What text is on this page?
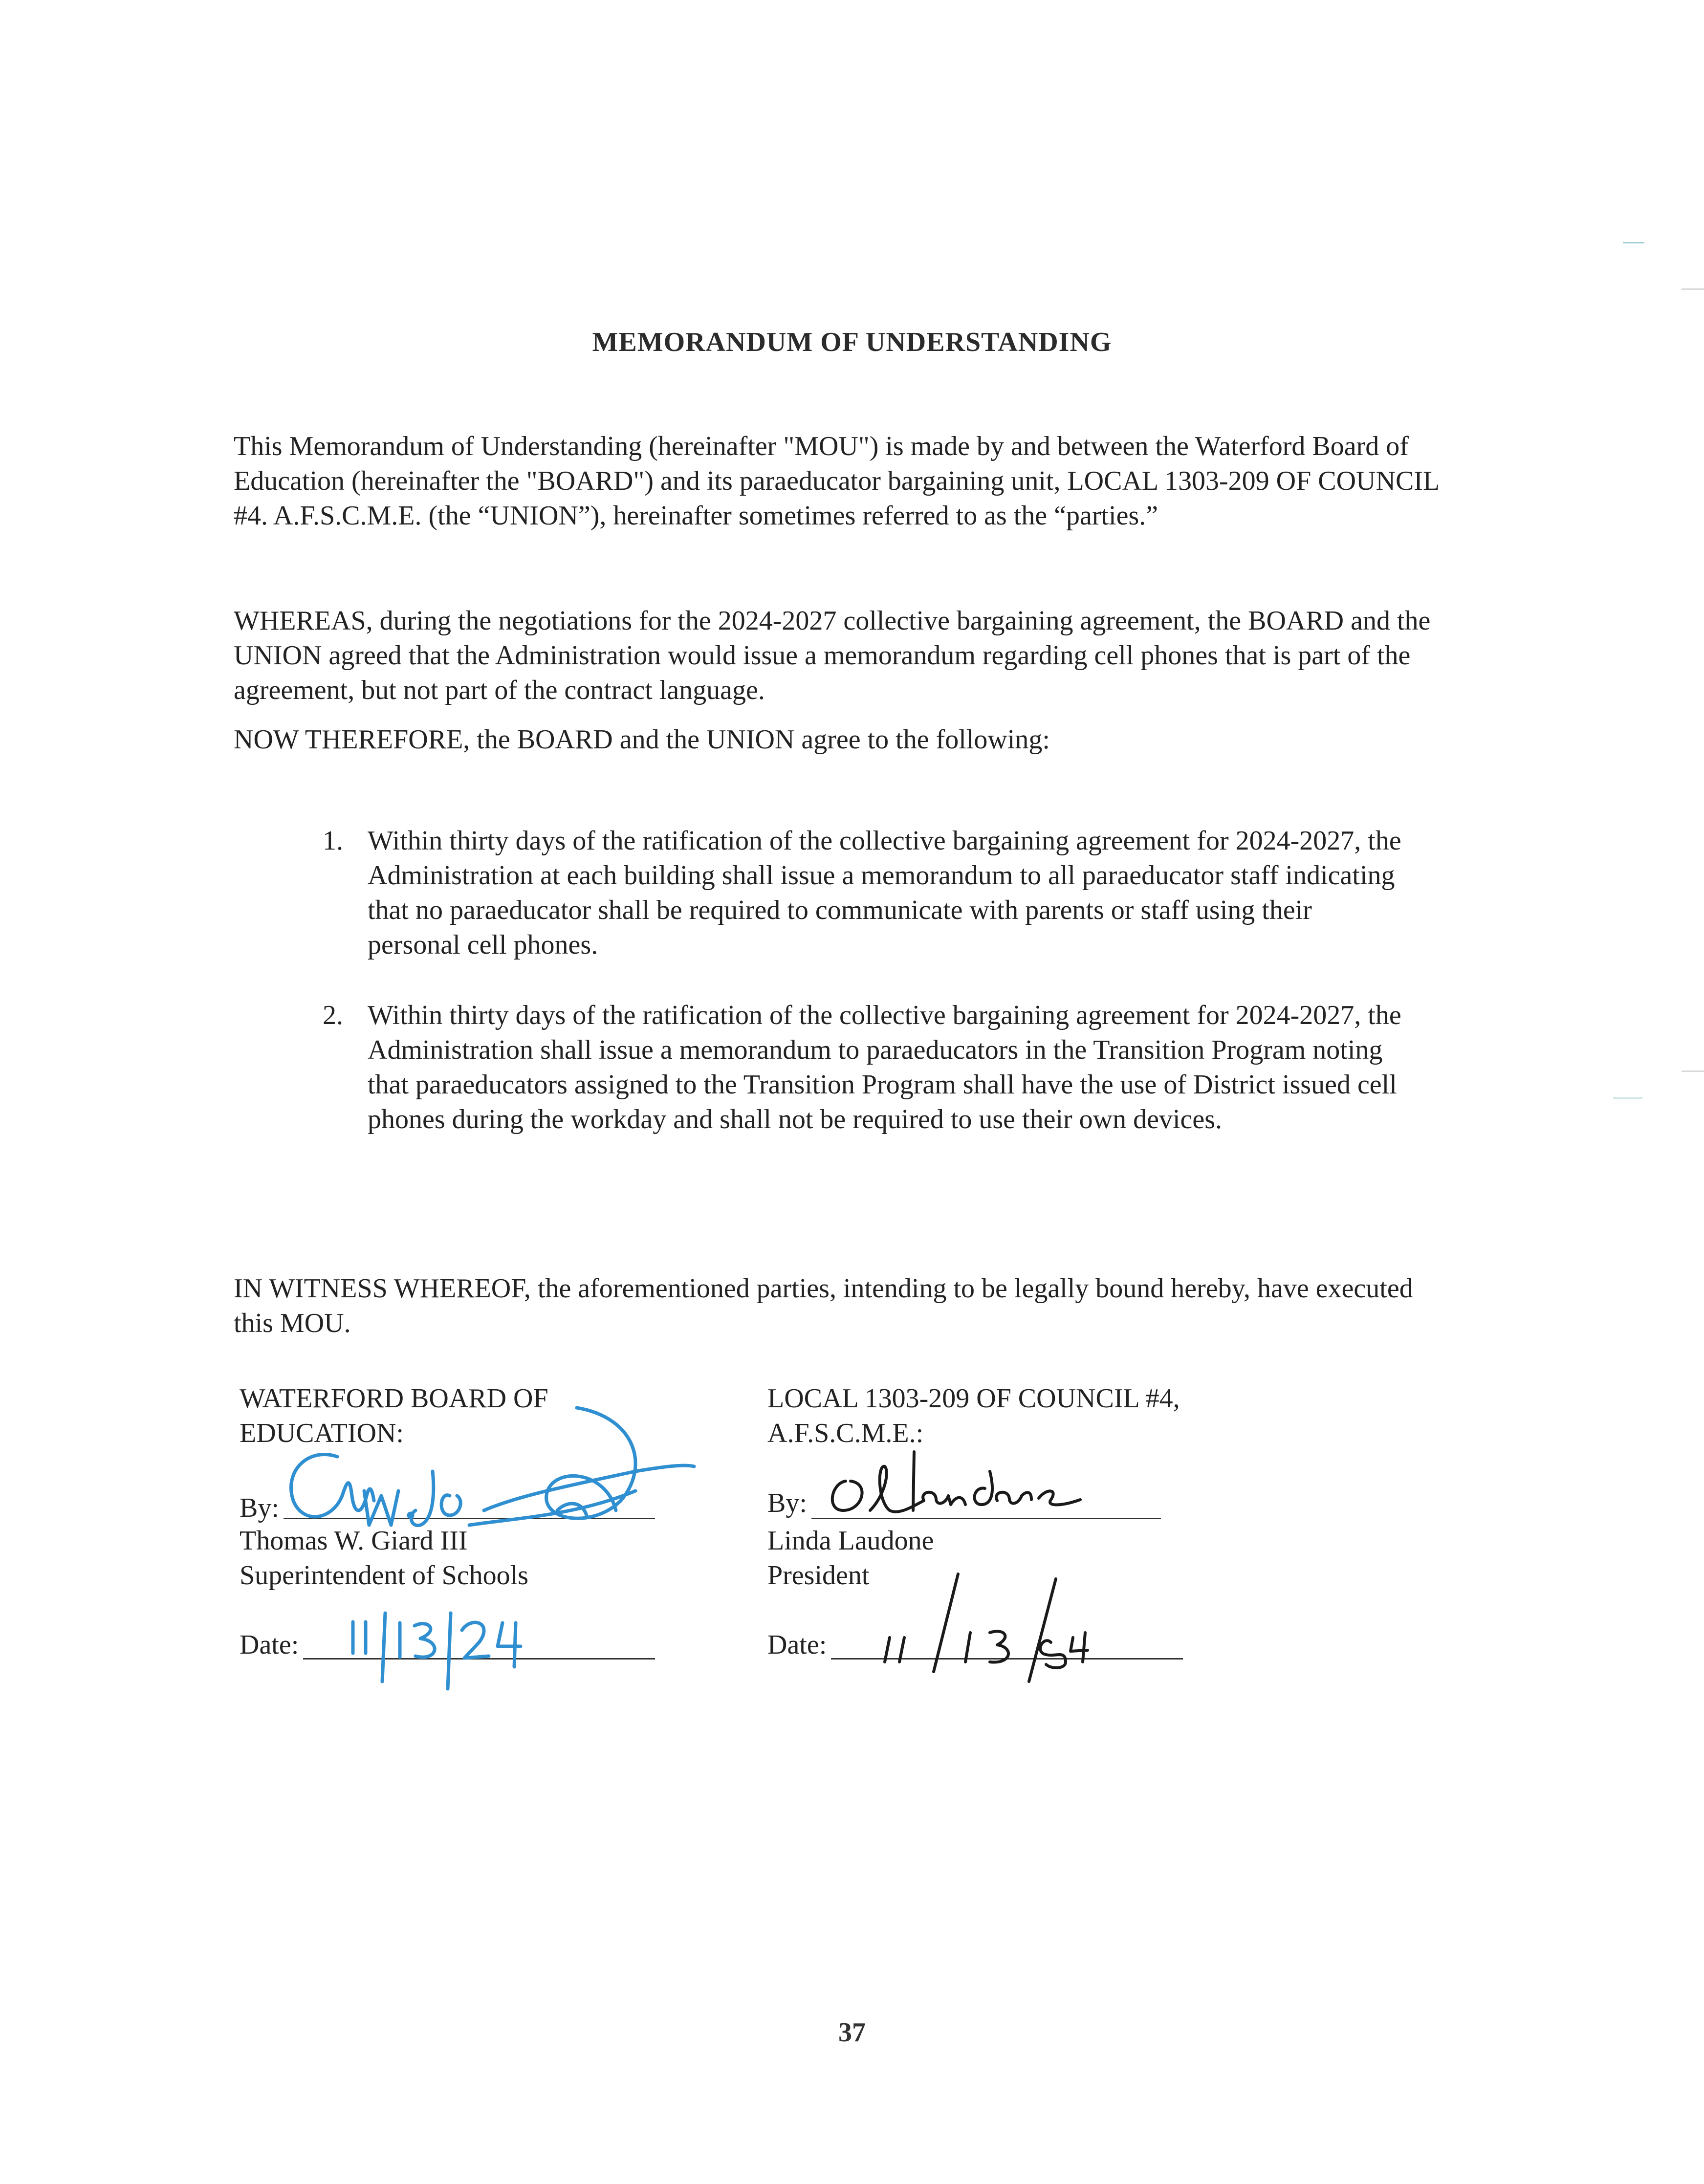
MEMORANDUM OF UNDERSTANDING
This Memorandum of Understanding (hereinafter "MOU") is made by and between the Waterford Board of Education (hereinafter the "BOARD") and its paraeducator bargaining unit, LOCAL 1303-209 OF COUNCIL #4. A.F.S.C.M.E. (the “UNION”), hereinafter sometimes referred to as the “parties.”
WHEREAS, during the negotiations for the 2024-2027 collective bargaining agreement, the BOARD and the UNION agreed that the Administration would issue a memorandum regarding cell phones that is part of the agreement, but not part of the contract language.
NOW THEREFORE, the BOARD and the UNION agree to the following:
1. Within thirty days of the ratification of the collective bargaining agreement for 2024-2027, the Administration at each building shall issue a memorandum to all paraeducator staff indicating that no paraeducator shall be required to communicate with parents or staff using their personal cell phones.
2. Within thirty days of the ratification of the collective bargaining agreement for 2024-2027, the Administration shall issue a memorandum to paraeducators in the Transition Program noting that paraeducators assigned to the Transition Program shall have the use of District issued cell phones during the workday and shall not be required to use their own devices.
IN WITNESS WHEREOF, the aforementioned parties, intending to be legally bound hereby, have executed this MOU.
WATERFORD BOARD OF
EDUCATION:
By:
Thomas W. Giard III
Superintendent of Schools
Date:
LOCAL 1303-209 OF COUNCIL #4,
A.F.S.C.M.E.:
By:
Linda Laudone
President
Date:
37
